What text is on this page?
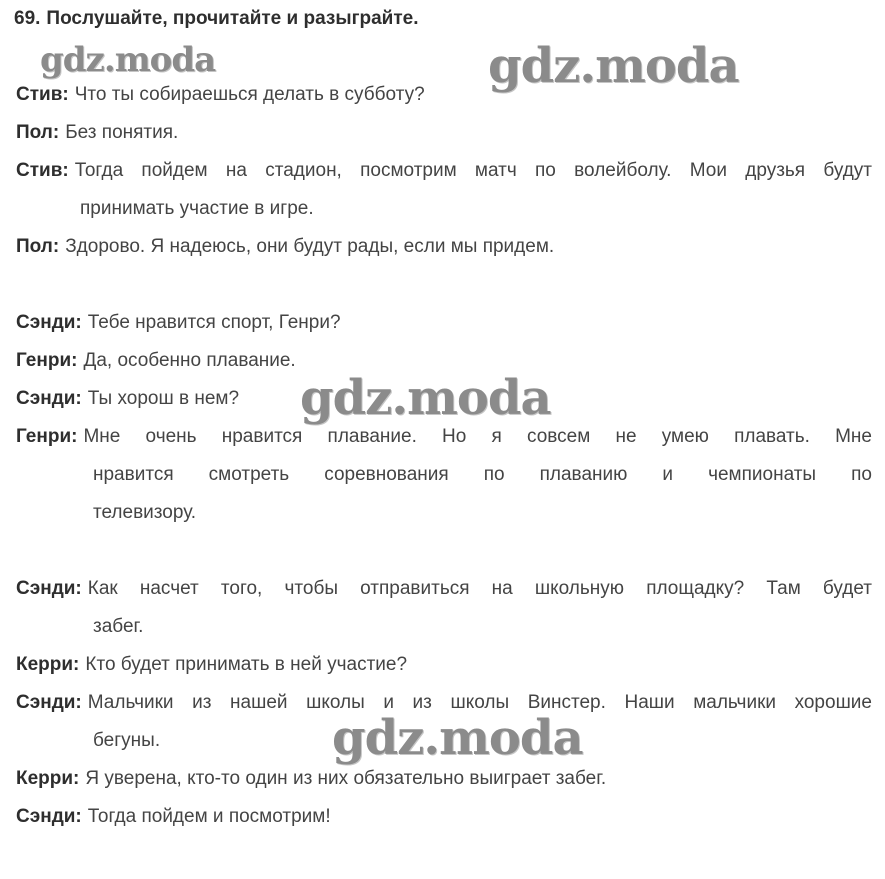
69. Послушайте, прочитайте и разыграйте.
Стив: Что ты собираешься делать в субботу?
Пол: Без понятия.
Стив: Тогда пойдем на стадион, посмотрим матч по волейболу. Мои друзья будут
принимать участие в игре.
Пол: Здорово. Я надеюсь, они будут рады, если мы придем.
Сэнди: Тебе нравится спорт, Генри?
Генри: Да, особенно плавание.
Сэнди: Ты хорош в нем?
Генри: Мне очень нравится плавание. Но я совсем не умею плавать. Мне
нравится смотреть соревнования по плаванию и чемпионаты по
телевизору.
Сэнди: Как насчет того, чтобы отправиться на школьную площадку? Там будет
забег.
Керри: Кто будет принимать в ней участие?
Сэнди: Мальчики из нашей школы и из школы Винстер. Наши мальчики хорошие
бегуны.
Керри: Я уверена, кто-то один из них обязательно выиграет забег.
Сэнди: Тогда пойдем и посмотрим!
gdz.moda	gdz.moda
gdz.moda
gdz.moda
